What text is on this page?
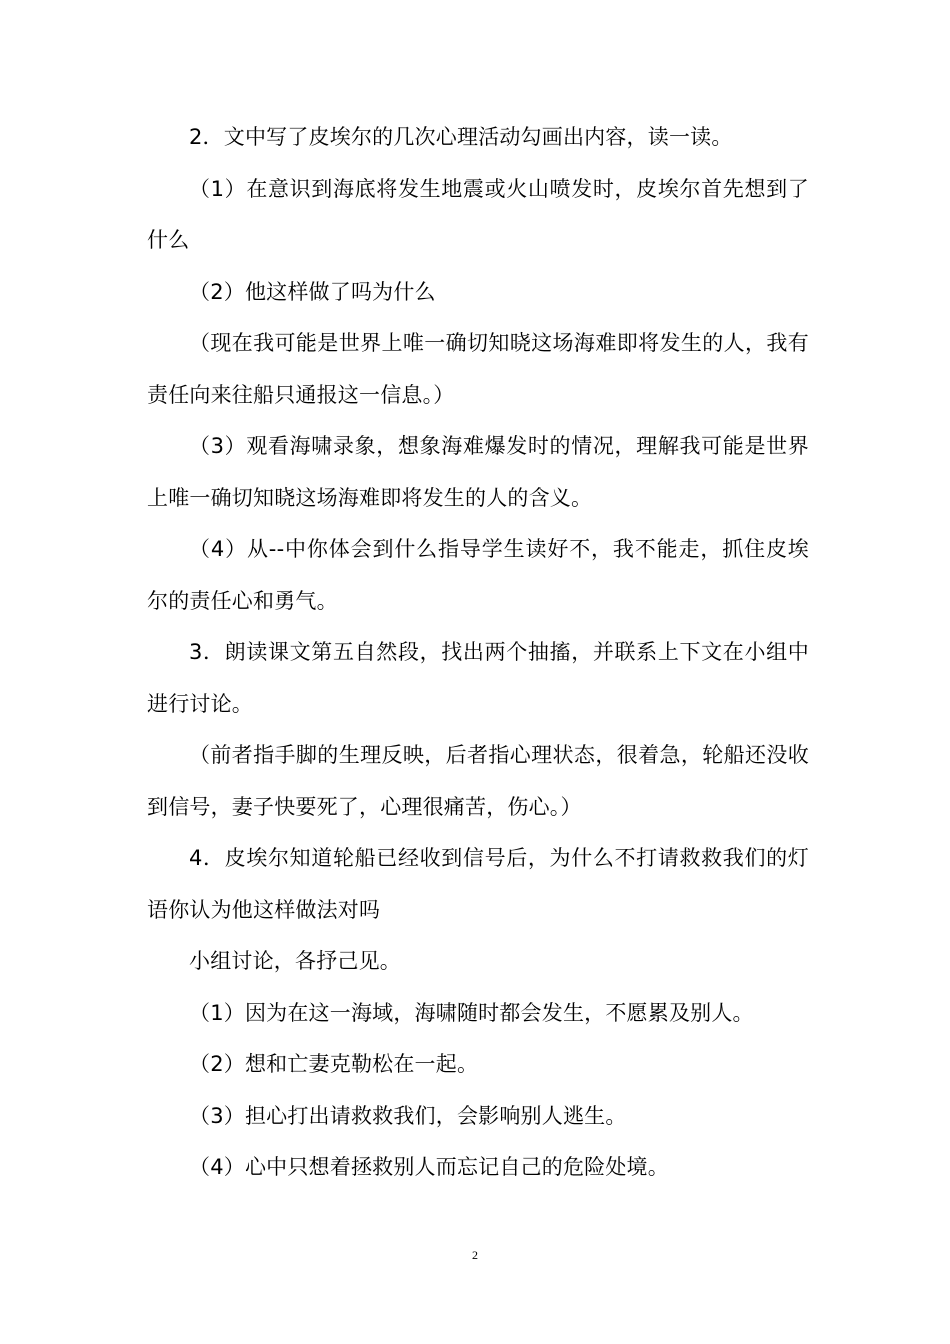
2．文中写了皮埃尔的几次心理活动勾画出内容，读一读。

（1）在意识到海底将发生地震或火山喷发时，皮埃尔首先想到了什么

（2）他这样做了吗为什么

（现在我可能是世界上唯一确切知晓这场海难即将发生的人，我有责任向来往船只通报这一信息。）

（3）观看海啸录象，想象海难爆发时的情况，理解我可能是世界上唯一确切知晓这场海难即将发生的人的含义。

（4）从--中你体会到什么指导学生读好不，我不能走，抓住皮埃尔的责任心和勇气。

3．朗读课文第五自然段，找出两个抽搐，并联系上下文在小组中进行讨论。

（前者指手脚的生理反映，后者指心理状态，很着急，轮船还没收到信号，妻子快要死了，心理很痛苦，伤心。）

4．皮埃尔知道轮船已经收到信号后，为什么不打请救救我们的灯语你认为他这样做法对吗

小组讨论，各抒己见。

（1）因为在这一海域，海啸随时都会发生，不愿累及别人。

（2）想和亡妻克勒松在一起。

（3）担心打出请救救我们，会影响别人逃生。

（4）心中只想着拯救别人而忘记自己的危险处境。

2
